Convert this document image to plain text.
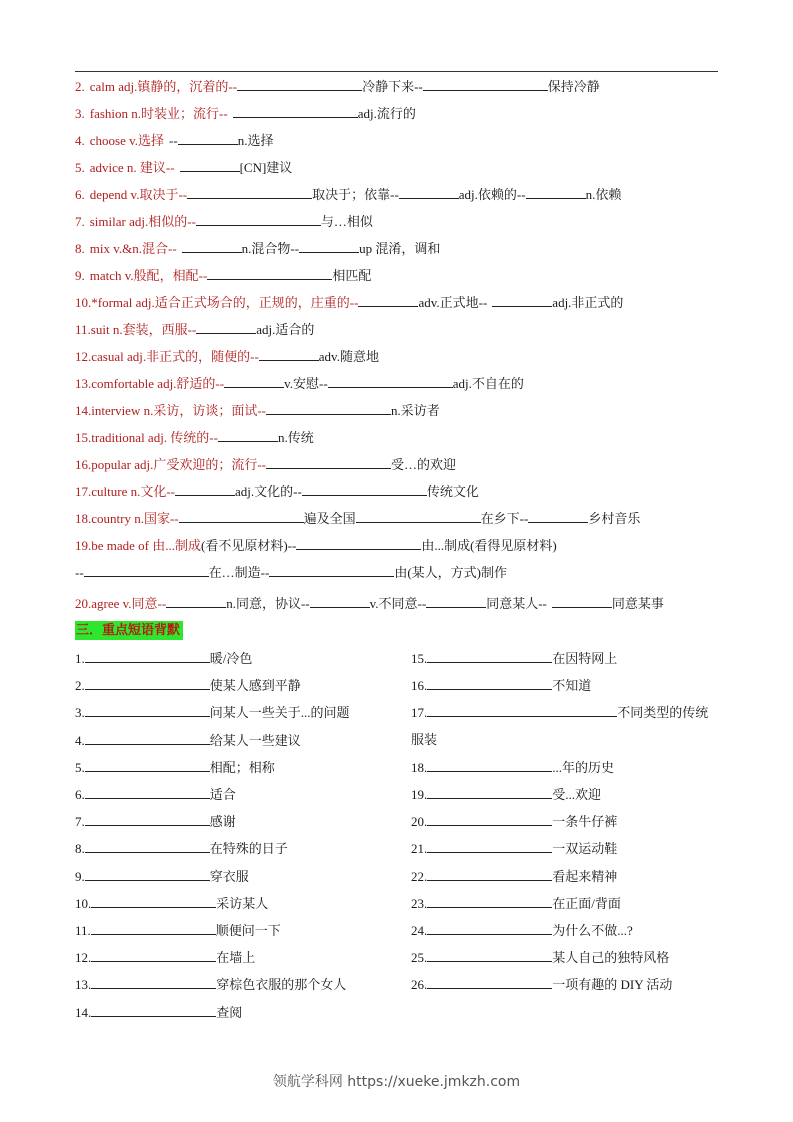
2. calm adj.镇静的，沉着的--	冷静下来--	保持冷静
3. fashion n.时装业；流行--	adj.流行的
4. choose v.选择 --	n.选择
5. advice n. 建议--	[CN]建议
6. depend v.取决于--	取决于；依靠--	adj.依赖的--	n.依赖
7. similar adj.相似的--	与…相似
8. mix v.&n.混合--	n.混合物--	up 混淆，调和
9. match v.般配，相配--	相匹配
10.*formal adj.适合正式场合的，正规的，庄重的--	adv.正式地--	adj.非正式的
11.suit n.套装，西服--	adj.适合的
12.casual adj.非正式的，随便的--	adv.随意地
13.comfortable adj.舒适的--	v.安慰--	adj.不自在的
14.interview n.采访，访谈；面试--	n.采访者
15.traditional adj. 传统的--	n.传统
16.popular adj.广受欢迎的；流行--	受…的欢迎
17.culture n.文化--	adj.文化的--	传统文化
18.country n.国家--	遍及全国	在乡下--	乡村音乐
19.be made of 由...制成(看不见原材料)--	由...制成(看得见原材料)
--	在…制造--	由(某人，方式)制作
20.agree v.同意--	n.同意，协议--	v.不同意--	同意某人--	同意某事
三．重点短语背默
1.	暖/冷色
2.	使某人感到平静
3.	问某人一些关于...的问题
4.	给某人一些建议
5.	相配；相称
6.	适合
7.	感谢
8.	在特殊的日子
9.	穿衣服
10.	采访某人
11.	顺便问一下
12.	在墙上
13.	穿棕色衣服的那个女人
14.	查阅
15.	在因特网上
16.	不知道
17.	不同类型的传统
服装
18.	...年的历史
19.	受...欢迎
20.	一条牛仔裤
21.	一双运动鞋
22.	看起来精神
23.	在正面/背面
24.	为什么不做...?
25.	某人自己的独特风格
26.	一项有趣的 DIY 活动
领航学科网 https://xueke.jmkzh.com
